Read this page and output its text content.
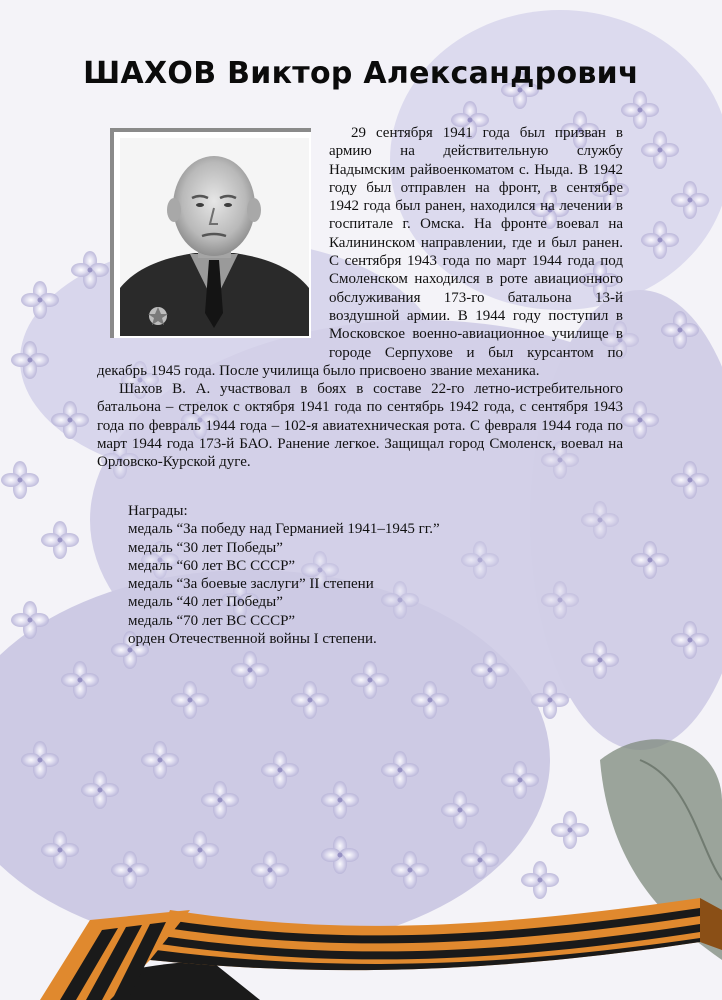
ШАХОВ Виктор Александрович

29 сентября 1941 года был призван в армию на действительную службу Надымским райвоенкоматом с. Ныда. В 1942 году был отправлен на фронт, в сентябре 1942 года был ранен, находился на лечении в госпитале г. Омска. На фронте воевал на Калининском направлении, где и был ранен. С сентября 1943 года по март 1944 года под Смоленском находился в роте авиационного обслуживания 173-го батальона 13-й воздушной армии. В 1944 году поступил в Московское военно-авиационное училище в городе Серпухове и был курсантом по декабрь 1945 года. После училища было присвоено звание механика.

Шахов В. А. участвовал в боях в составе 22-го летно-истребительного батальона – стрелок с октября 1941 года по сентябрь 1942 года, с сентября 1943 года по февраль 1944 года – 102-я авиатехническая рота. С февраля 1944 года по март 1944 года 173-й БАО. Ранение легкое. Защищал город Смоленск, воевал на Орловско-Курской дуге.

Награды:
медаль “За победу над Германией 1941–1945 гг.”
медаль “30 лет Победы”
медаль “60 лет ВС СССР”
медаль “За боевые заслуги” II степени
медаль “40 лет Победы”
медаль “70 лет ВС СССР”
орден Отечественной войны I степени.
